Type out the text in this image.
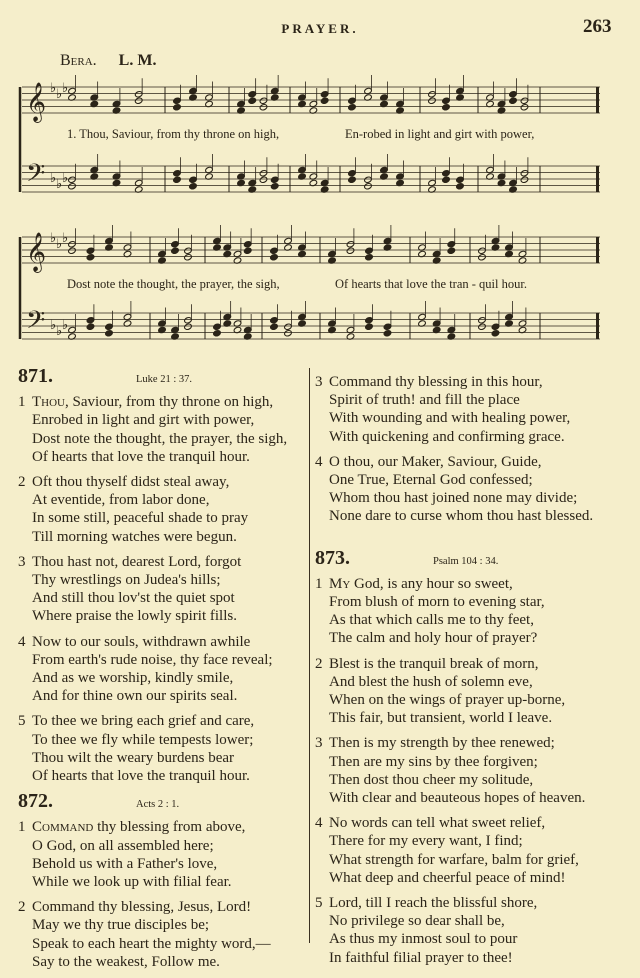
PRAYER.	263
Bera. L. M.
𝄞 ♭ ♭ ♭
𝄢 ♭ ♭ ♭
𝄞 ♭ ♭ ♭
𝄢 ♭ ♭ ♭
1. Thou, Saviour, from thy throne on high,	En-robed in light and girt with power,
Dost note the thought, the prayer, the sigh,	Of hearts that love the tran - quil hour.
871.	Luke 21 : 37.
1 Thou, Saviour, from thy throne on high,
Enrobed in light and girt with power,
Dost note the thought, the prayer, the sigh,
Of hearts that love the tranquil hour.
2 Oft thou thyself didst steal away,
At eventide, from labor done,
In some still, peaceful shade to pray
Till morning watches were begun.
3 Thou hast not, dearest Lord, forgot
Thy wrestlings on Judea's hills;
And still thou lov'st the quiet spot
Where praise the lowly spirit fills.
4 Now to our souls, withdrawn awhile
From earth's rude noise, thy face reveal;
And as we worship, kindly smile,
And for thine own our spirits seal.
5 To thee we bring each grief and care,
To thee we fly while tempests lower;
Thou wilt the weary burdens bear
Of hearts that love the tranquil hour.
872.	Acts 2 : 1.
1 Command thy blessing from above,
O God, on all assembled here;
Behold us with a Father's love,
While we look up with filial fear.
2 Command thy blessing, Jesus, Lord!
May we thy true disciples be;
Speak to each heart the mighty word,—
Say to the weakest, Follow me.
3 Command thy blessing in this hour,
Spirit of truth! and fill the place
With wounding and with healing power,
With quickening and confirming grace.
4 O thou, our Maker, Saviour, Guide,
One True, Eternal God confessed;
Whom thou hast joined none may divide;
None dare to curse whom thou hast blessed.
873.	Psalm 104 : 34.
1 My God, is any hour so sweet,
From blush of morn to evening star,
As that which calls me to thy feet,
The calm and holy hour of prayer?
2 Blest is the tranquil break of morn,
And blest the hush of solemn eve,
When on the wings of prayer up-borne,
This fair, but transient, world I leave.
3 Then is my strength by thee renewed;
Then are my sins by thee forgiven;
Then dost thou cheer my solitude,
With clear and beauteous hopes of heaven.
4 No words can tell what sweet relief,
There for my every want, I find;
What strength for warfare, balm for grief,
What deep and cheerful peace of mind!
5 Lord, till I reach the blissful shore,
No privilege so dear shall be,
As thus my inmost soul to pour
In faithful filial prayer to thee!
